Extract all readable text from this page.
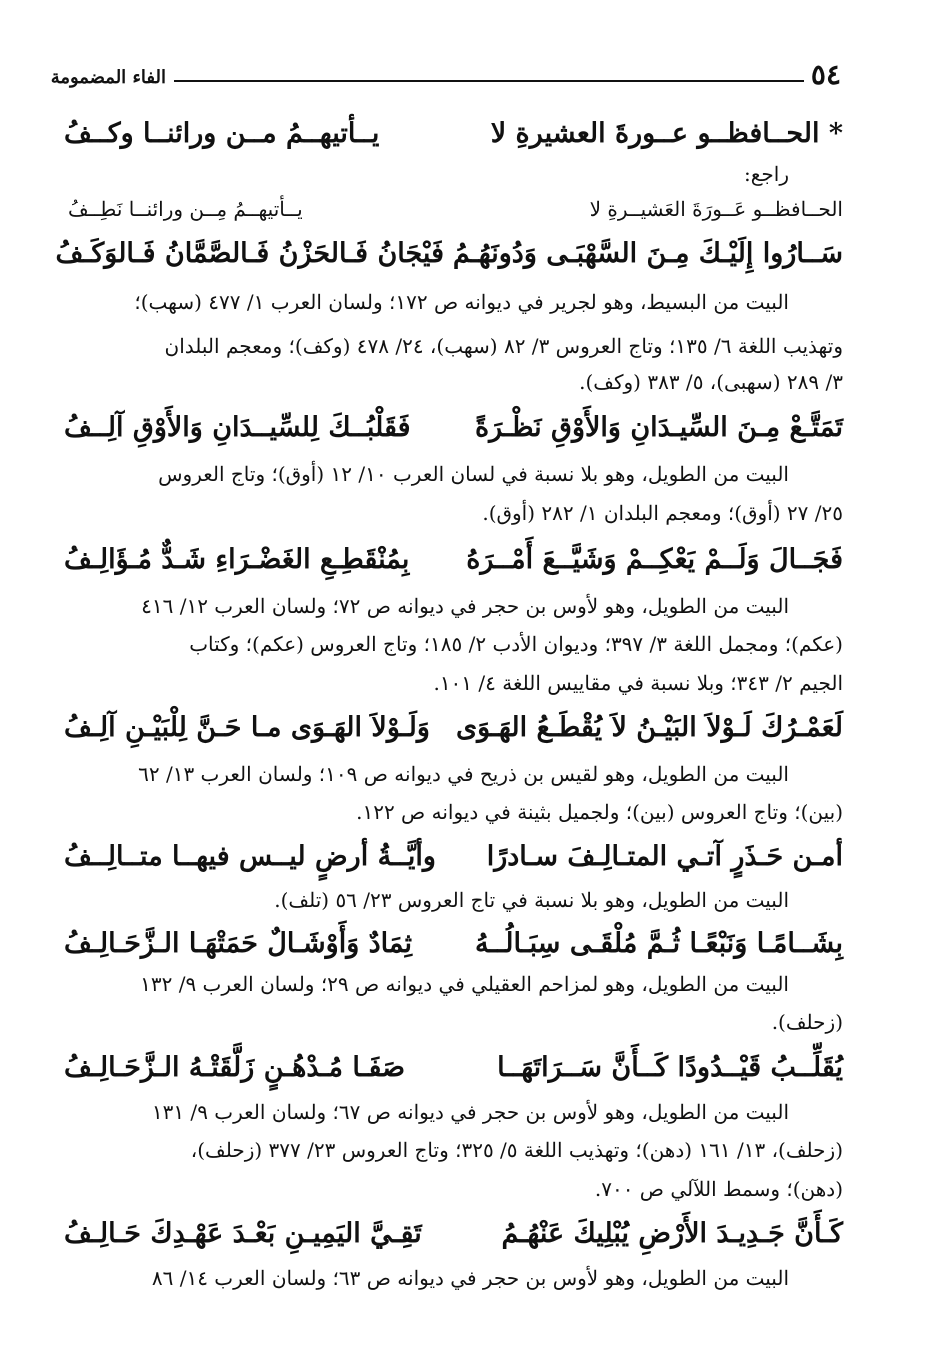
٥٤
الفاء المضمومة
* الحــافظــو عــورةَ العشيرةِ لا
يــأتيهــمُ مــن ورائنــا وكــفُ
راجع:
الحــافظــو عَــورَةَ العَشيــرةِ لا
يــأتيهــمُ مِــن ورائنــا نَطِــفُ
سَــارُوا إِلَيْـكَ مِـنَ السَّهْبَـى وَدُونَهُـمُ
فَيْجَانُ فَـالحَزْنُ فَـالصَّمَّانُ فَـالوَكَـفُ
البيت من البسيط، وهو لجرير في ديوانه ص ١٧٢؛ ولسان العرب ١/ ٤٧٧ (سهب)؛
وتهذيب اللغة ٦/ ١٣٥؛ وتاج العروس ٣/ ٨٢ (سهب)، ٢٤/ ٤٧٨ (وكف)؛ ومعجم البلدان
٣/ ٢٨٩ (سهبى)، ٥/ ٣٨٣ (وكف).
تَمَتَّـعْ مِـنَ السِّيـدَانِ وَالأَوْقِ نَظْـرَةً
فَقَلْبُــكَ لِلسِّيــدَانِ وَالأَوْقِ آلِــفُ
البيت من الطويل، وهو بلا نسبة في لسان العرب ١٠/ ١٢ (أوق)؛ وتاج العروس
٢٥/ ٢٧ (أوق)؛ ومعجم البلدان ١/ ٢٨٢ (أوق).
فَجَــالَ وَلَــمْ يَعْكِــمْ وَشَيَّــعَ أَمْــرَهُ
بِمُنْقَطِـعِ الغَضْـرَاءِ شَـدٌّ مُـؤَالِـفُ
البيت من الطويل، وهو لأوس بن حجر في ديوانه ص ٧٢؛ ولسان العرب ١٢/ ٤١٦
(عكم)؛ ومجمل اللغة ٣/ ٣٩٧؛ وديوان الأدب ٢/ ١٨٥؛ وتاج العروس (عكم)؛ وكتاب
الجيم ٢/ ٣٤٣؛ وبلا نسبة في مقاييس اللغة ٤/ ١٠١.
لَعَمْـرُكَ لَـوْلاَ البَيْـنُ لاَ يُقْطَـعُ الهَـوَى
وَلَـوْلاَ الهَـوَى مـا حَـنَّ لِلْبَيْـنِ آلِـفُ
البيت من الطويل، وهو لقيس بن ذريح في ديوانه ص ١٠٩؛ ولسان العرب ١٣/ ٦٢
(بين)؛ وتاج العروس (بين)؛ ولجميل بثينة في ديوانه ص ١٢٢.
أمـن حَـذَرٍ آتـي المتـالِـفَ سـادرًا
وأيَّــةُ أرضٍ ليــس فيهــا متــالِــفُ
البيت من الطويل، وهو بلا نسبة في تاج العروس ٢٣/ ٥٦ (تلف).
بِشَــامًـا وَنَبْعًـا ثُـمَّ مُلْقَـى سِبَـالُــهُ
ثِمَادٌ وَأَوْشَـالٌ حَمَتْهَـا الـزَّحَـالِـفُ
البيت من الطويل، وهو لمزاحم العقيلي في ديوانه ص ٢٩؛ ولسان العرب ٩/ ١٣٢
(زحلف).
يُقَلِّــبُ قَيْــدُودًا كَــأَنَّ سَــرَاتَهَــا
صَفَـا مُـدْهُـنٍ زَلَّقَتْـهُ الـزَّحَـالِـفُ
البيت من الطويل، وهو لأوس بن حجر في ديوانه ص ٦٧؛ ولسان العرب ٩/ ١٣١
(زحلف)، ١٣/ ١٦١ (دهن)؛ وتهذيب اللغة ٥/ ٣٢٥؛ وتاج العروس ٢٣/ ٣٧٧ (زحلف)،
(دهن)؛ وسمط اللآلي ص ٧٠٠.
كَـأَنَّ جَـدِيـدَ الأَرْضِ يُبْلِيكَ عَنْهُـمُ
تَقِـيَّ اليَمِيـنِ بَعْـدَ عَهْـدِكَ حَـالِـفُ
البيت من الطويل، وهو لأوس بن حجر في ديوانه ص ٦٣؛ ولسان العرب ١٤/ ٨٦
